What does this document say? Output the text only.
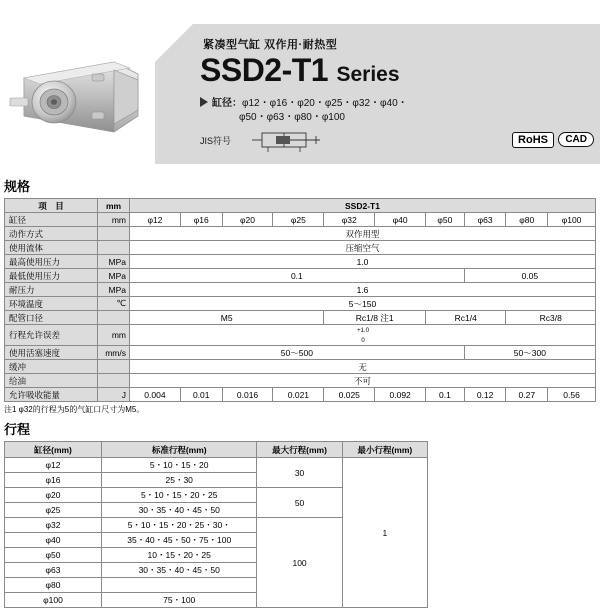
紧凑型气缸 双作用·耐热型
SSD2-T1 Series
缸径：φ12・φ16・φ20・φ25・φ32・φ40・
φ50・φ63・φ80・φ100
JIS符号	RoHS	CAD
规格
项　目	mm	SSD2-T1									
缸径	mm	φ12	φ16	φ20	φ25	φ32	φ40	φ50	φ63	φ80	φ100
动作方式		双作用型									
使用流体		压缩空气									
最高使用压力	MPa	1.0									
最低使用压力	MPa	0.1							0.05		
耐压力	MPa	1.6									
环境温度	℃	5～150									
配管口径		M5				Rc1/8 注1		Rc1/4		Rc3/8	
行程允许误差	mm	+1.0
0									
使用活塞速度	mm/s	50～500							50～300		
缓冲		无									
给油		不可									
允许吸收能量	J	0.004	0.01	0.016	0.021	0.025	0.092	0.1	0.12	0.27	0.56
注1 φ32的行程为5的气缸口尺寸为M5。
行程
缸径(mm)	标准行程(mm)	最大行程(mm)	最小行程(mm)
φ12	5・10・15・20	30	1
φ16	25・30		
φ20	5・10・15・20・25	50	
φ25	30・35・40・45・50		
φ32	5・10・15・20・25・30・	100	
φ40	35・40・45・50・75・100		
φ50	10・15・20・25		
φ63	30・35・40・45・50		
φ80			
φ100	75・100		
